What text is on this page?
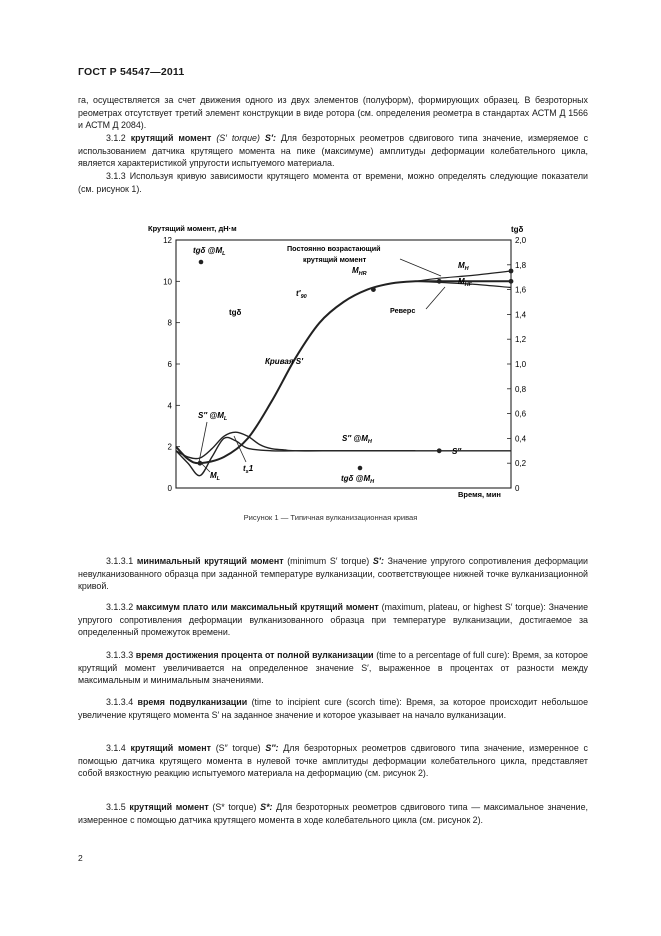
ГОСТ Р 54547—2011
га, осуществляется за счет движения одного из двух элементов (полуформ), формирующих образец. В безроторных реометрах отсутствует третий элемент конструкции в виде ротора (см. определения реометра в стандартах АСТМ Д 1566 и АСТМ Д 2084).
3.1.2 крутящий момент (S′ torque) S′: Для безроторных реометров сдвигового типа значение, измеряемое с использованием датчика крутящего момента на пике (максимуме) амплитуды деформации колебательного цикла, является характеристикой упругости испытуемого материала.
3.1.3 Используя кривую зависимости крутящего момента от времени, можно определять следующие показатели (см. рисунок 1).
0
2
4
6
8
10
12
0
0,2
0,4
0,6
0,8
1,0
1,2
1,4
1,6
1,8
2,0
Крутящий момент, дН·м	tgδ
Время, мин
tgδ $@M_L$
tgδ
S″ $@M_L$
$M_L$
$t_s1$
Кривая S′
$t'_{90}$
$M_{HR}$
$M_H$
$M_{HF}$
Постоянно возрастающий
крутящий момент
Реверс
S″ $@M_H$
tgδ $@M_H$
S″
Рисунок 1 — Типичная вулканизационная кривая
3.1.3.1 минимальный крутящий момент (minimum S′ torque) S′: Значение упругого сопротивления деформации невулканизованного образца при заданной температуре вулканизации, соответствующее нижней точке вулканизационной кривой.
3.1.3.2 максимум плато или максимальный крутящий момент (maximum, plateau, or highest S′ torque): Значение упругого сопротивления деформации вулканизованного образца при температуре вулканизации, достигаемое за определенный промежуток времени.
3.1.3.3 время достижения процента от полной вулканизации (time to a percentage of full cure): Время, за которое крутящий момент увеличивается на определенное значение S′, выраженное в процентах от разности между максимальным и минимальным значениями.
3.1.3.4 время подвулканизации (time to incipient cure (scorch time): Время, за которое происходит небольшое увеличение крутящего момента S′ на заданное значение и которое указывает на начало вулканизации.
3.1.4 крутящий момент (S″ torque) S″: Для безроторных реометров сдвигового типа значение, измеренное с помощью датчика крутящего момента в нулевой точке амплитуды деформации колебательного цикла, представляет собой вязкостную реакцию испытуемого материала на деформацию (см. рисунок 2).
3.1.5 крутящий момент (S* torque) S*: Для безроторных реометров сдвигового типа — максимальное значение, измеренное с помощью датчика крутящего момента в ходе колебательного цикла (см. рисунок 2).
2
